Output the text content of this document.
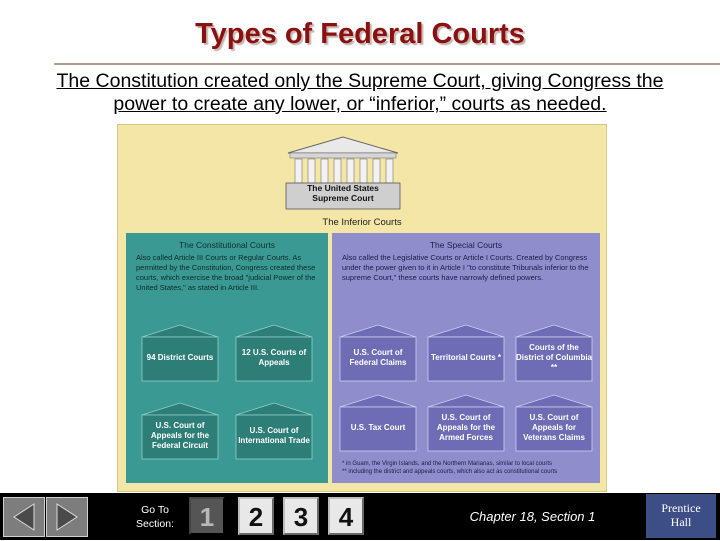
Types of Federal Courts
The Constitution created only the Supreme Court, giving Congress the
power to create any lower, or “inferior,” courts as needed.
The United States Supreme Court
The Inferior Courts
The Constitutional Courts
Also called Article III Courts or Regular Courts. As permitted by the Constitution, Congress created these courts, which exercise the broad "judicial Power of the United States," as stated in Article III.
94 District Courts
12 U.S. Courts of Appeals
U.S. Court of Appeals for the Federal Circuit
U.S. Court of International Trade
The Special Courts
Also called the Legislative Courts or Article I Courts. Created by Congress under the power given to it in Article I "to constitute Tribunals inferior to the supreme Court," these courts have narrowly defined powers.
U.S. Court of Federal Claims
Territorial Courts *
Courts of the District of Columbia **
U.S. Tax Court
U.S. Court of Appeals for the Armed Forces
U.S. Court of Appeals for Veterans Claims
* in Guam, the Virgin Islands, and the Northern Marianas, similar to local courts
** including the district and appeals courts, which also act as constitutional courts
Go To
Section: 1	2	3	4	Chapter 18, Section 1
Prentice
Hall
